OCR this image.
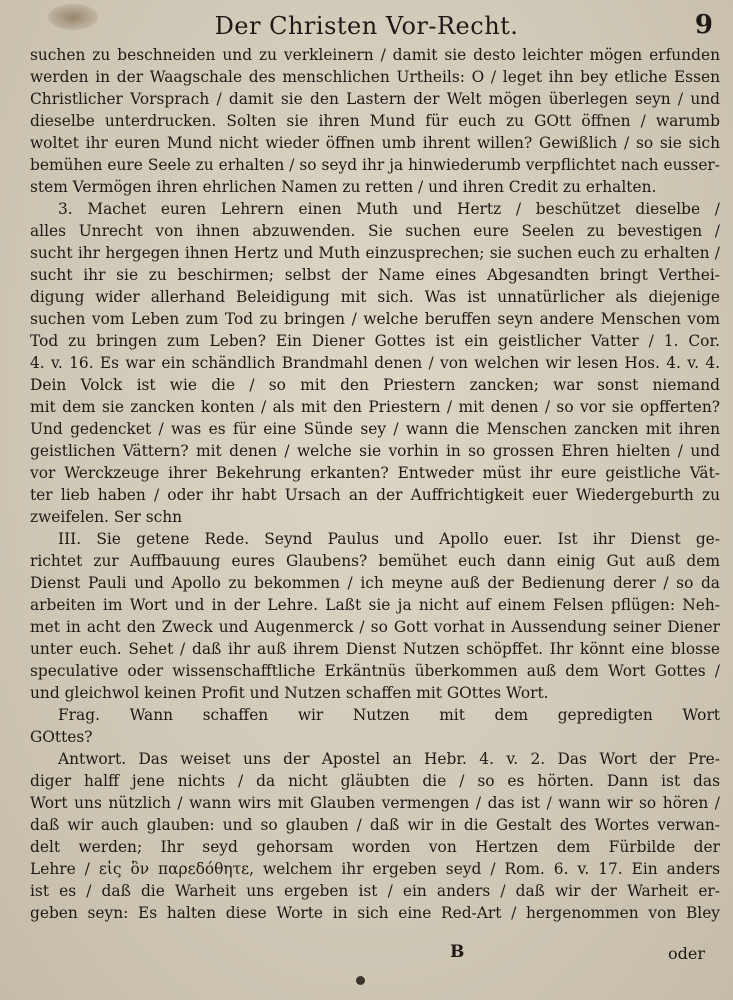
Der Christen Vor-Recht.	9
suchen zu beschneiden und zu verkleinern / damit sie desto leichter mögen erfunden
werden in der Waagschale des menschlichen Urtheils: O / leget ihn bey etliche Essen
Christlicher Vorsprach / damit sie den Lastern der Welt mögen überlegen seyn / und
dieselbe unterdrucken. Solten sie ihren Mund für euch zu GOtt öffnen / warumb
woltet ihr euren Mund nicht wieder öffnen umb ihrent willen? Gewißlich / so sie sich
bemühen eure Seele zu erhalten / so seyd ihr ja hinwiederumb verpflichtet nach eusser-
stem Vermögen ihren ehrlichen Namen zu retten / und ihren Credit zu erhalten.
3. Machet euren Lehrern einen Muth und Hertz / beschützet dieselbe /
alles Unrecht von ihnen abzuwenden. Sie suchen eure Seelen zu bevestigen /
sucht ihr hergegen ihnen Hertz und Muth einzusprechen; sie suchen euch zu erhalten /
sucht ihr sie zu beschirmen; selbst der Name eines Abgesandten bringt Verthei-
digung wider allerhand Beleidigung mit sich. Was ist unnatürlicher als diejenige
suchen vom Leben zum Tod zu bringen / welche beruffen seyn andere Menschen vom
Tod zu bringen zum Leben? Ein Diener Gottes ist ein geistlicher Vatter / 1. Cor.
4. v. 16. Es war ein schändlich Brandmahl denen / von welchen wir lesen Hos. 4. v. 4.
Dein Volck ist wie die / so mit den Priestern zancken; war sonst niemand
mit dem sie zancken konten / als mit den Priestern / mit denen / so vor sie opfferten?
Und gedencket / was es für eine Sünde sey / wann die Menschen zancken mit ihren
geistlichen Vättern? mit denen / welche sie vorhin in so grossen Ehren hielten / und
vor Werckzeuge ihrer Bekehrung erkanten? Entweder müst ihr eure geistliche Vät-
ter lieb haben / oder ihr habt Ursach an der Auffrichtigkeit euer Wiedergeburth zu
zweifelen. Ser schn
III. Sie getene Rede. Seynd Paulus und Apollo euer. Ist ihr Dienst ge-
richtet zur Auffbauung eures Glaubens? bemühet euch dann einig Gut auß dem
Dienst Pauli und Apollo zu bekommen / ich meyne auß der Bedienung derer / so da
arbeiten im Wort und in der Lehre. Laßt sie ja nicht auf einem Felsen pflügen: Neh-
met in acht den Zweck und Augenmerck / so Gott vorhat in Aussendung seiner Diener
unter euch. Sehet / daß ihr auß ihrem Dienst Nutzen schöpffet. Ihr könnt eine blosse
speculative oder wissenschafftliche Erkäntnüs überkommen auß dem Wort Gottes /
und gleichwol keinen Profit und Nutzen schaffen mit GOttes Wort.
Frag. Wann schaffen wir Nutzen mit dem gepredigten Wort
GOttes?
Antwort. Das weiset uns der Apostel an Hebr. 4. v. 2. Das Wort der Pre-
diger halff jene nichts / da nicht gläubten die / so es hörten. Dann ist das
Wort uns nützlich / wann wirs mit Glauben vermengen / das ist / wann wir so hören /
daß wir auch glauben: und so glauben / daß wir in die Gestalt des Wortes verwan-
delt werden; Ihr seyd gehorsam worden von Hertzen dem Fürbilde der
Lehre / εἰς ὃν παρεδόθητε, welchem ihr ergeben seyd / Rom. 6. v. 17. Ein anders
ist es / daß die Warheit uns ergeben ist / ein anders / daß wir der Warheit er-
geben seyn: Es halten diese Worte in sich eine Red-Art / hergenommen von Bley
B	oder
